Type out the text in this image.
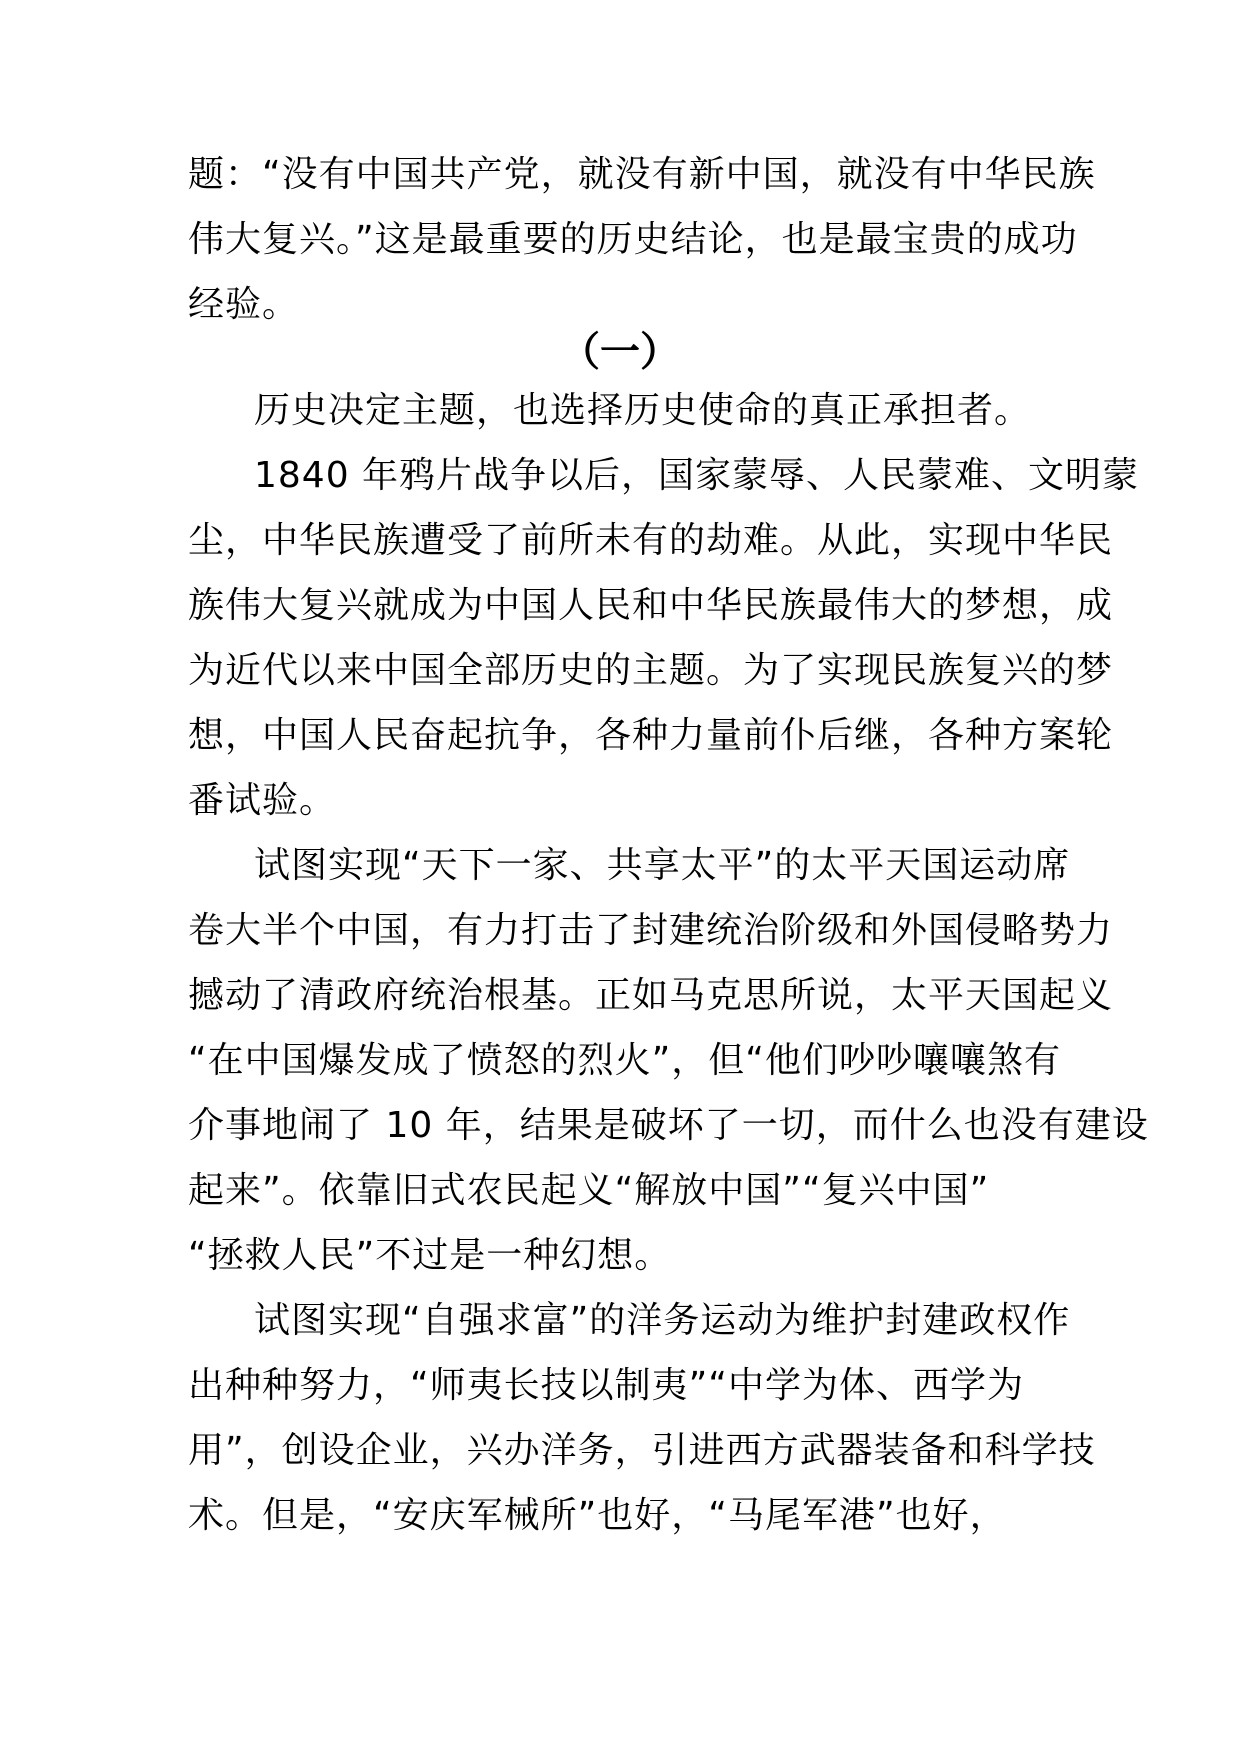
题：“没有中国共产党，就没有新中国，就没有中华民族
伟大复兴。”这是最重要的历史结论，也是最宝贵的成功
经验。
（一）
历史决定主题，也选择历史使命的真正承担者。
1840 年鸦片战争以后，国家蒙辱、人民蒙难、文明蒙
尘，中华民族遭受了前所未有的劫难。从此，实现中华民
族伟大复兴就成为中国人民和中华民族最伟大的梦想，成
为近代以来中国全部历史的主题。为了实现民族复兴的梦
想，中国人民奋起抗争，各种力量前仆后继，各种方案轮
番试验。
试图实现“天下一家、共享太平”的太平天国运动席
卷大半个中国，有力打击了封建统治阶级和外国侵略势力
撼动了清政府统治根基。正如马克思所说，太平天国起义
“在中国爆发成了愤怒的烈火”，但“他们吵吵嚷嚷煞有
介事地闹了 10 年，结果是破坏了一切，而什么也没有建设
起来”。依靠旧式农民起义“解放中国”“复兴中国”
“拯救人民”不过是一种幻想。
试图实现“自强求富”的洋务运动为维护封建政权作
出种种努力，“师夷长技以制夷”“中学为体、西学为
用”，创设企业，兴办洋务，引进西方武器装备和科学技
术。但是，“安庆军械所”也好，“马尾军港”也好，
